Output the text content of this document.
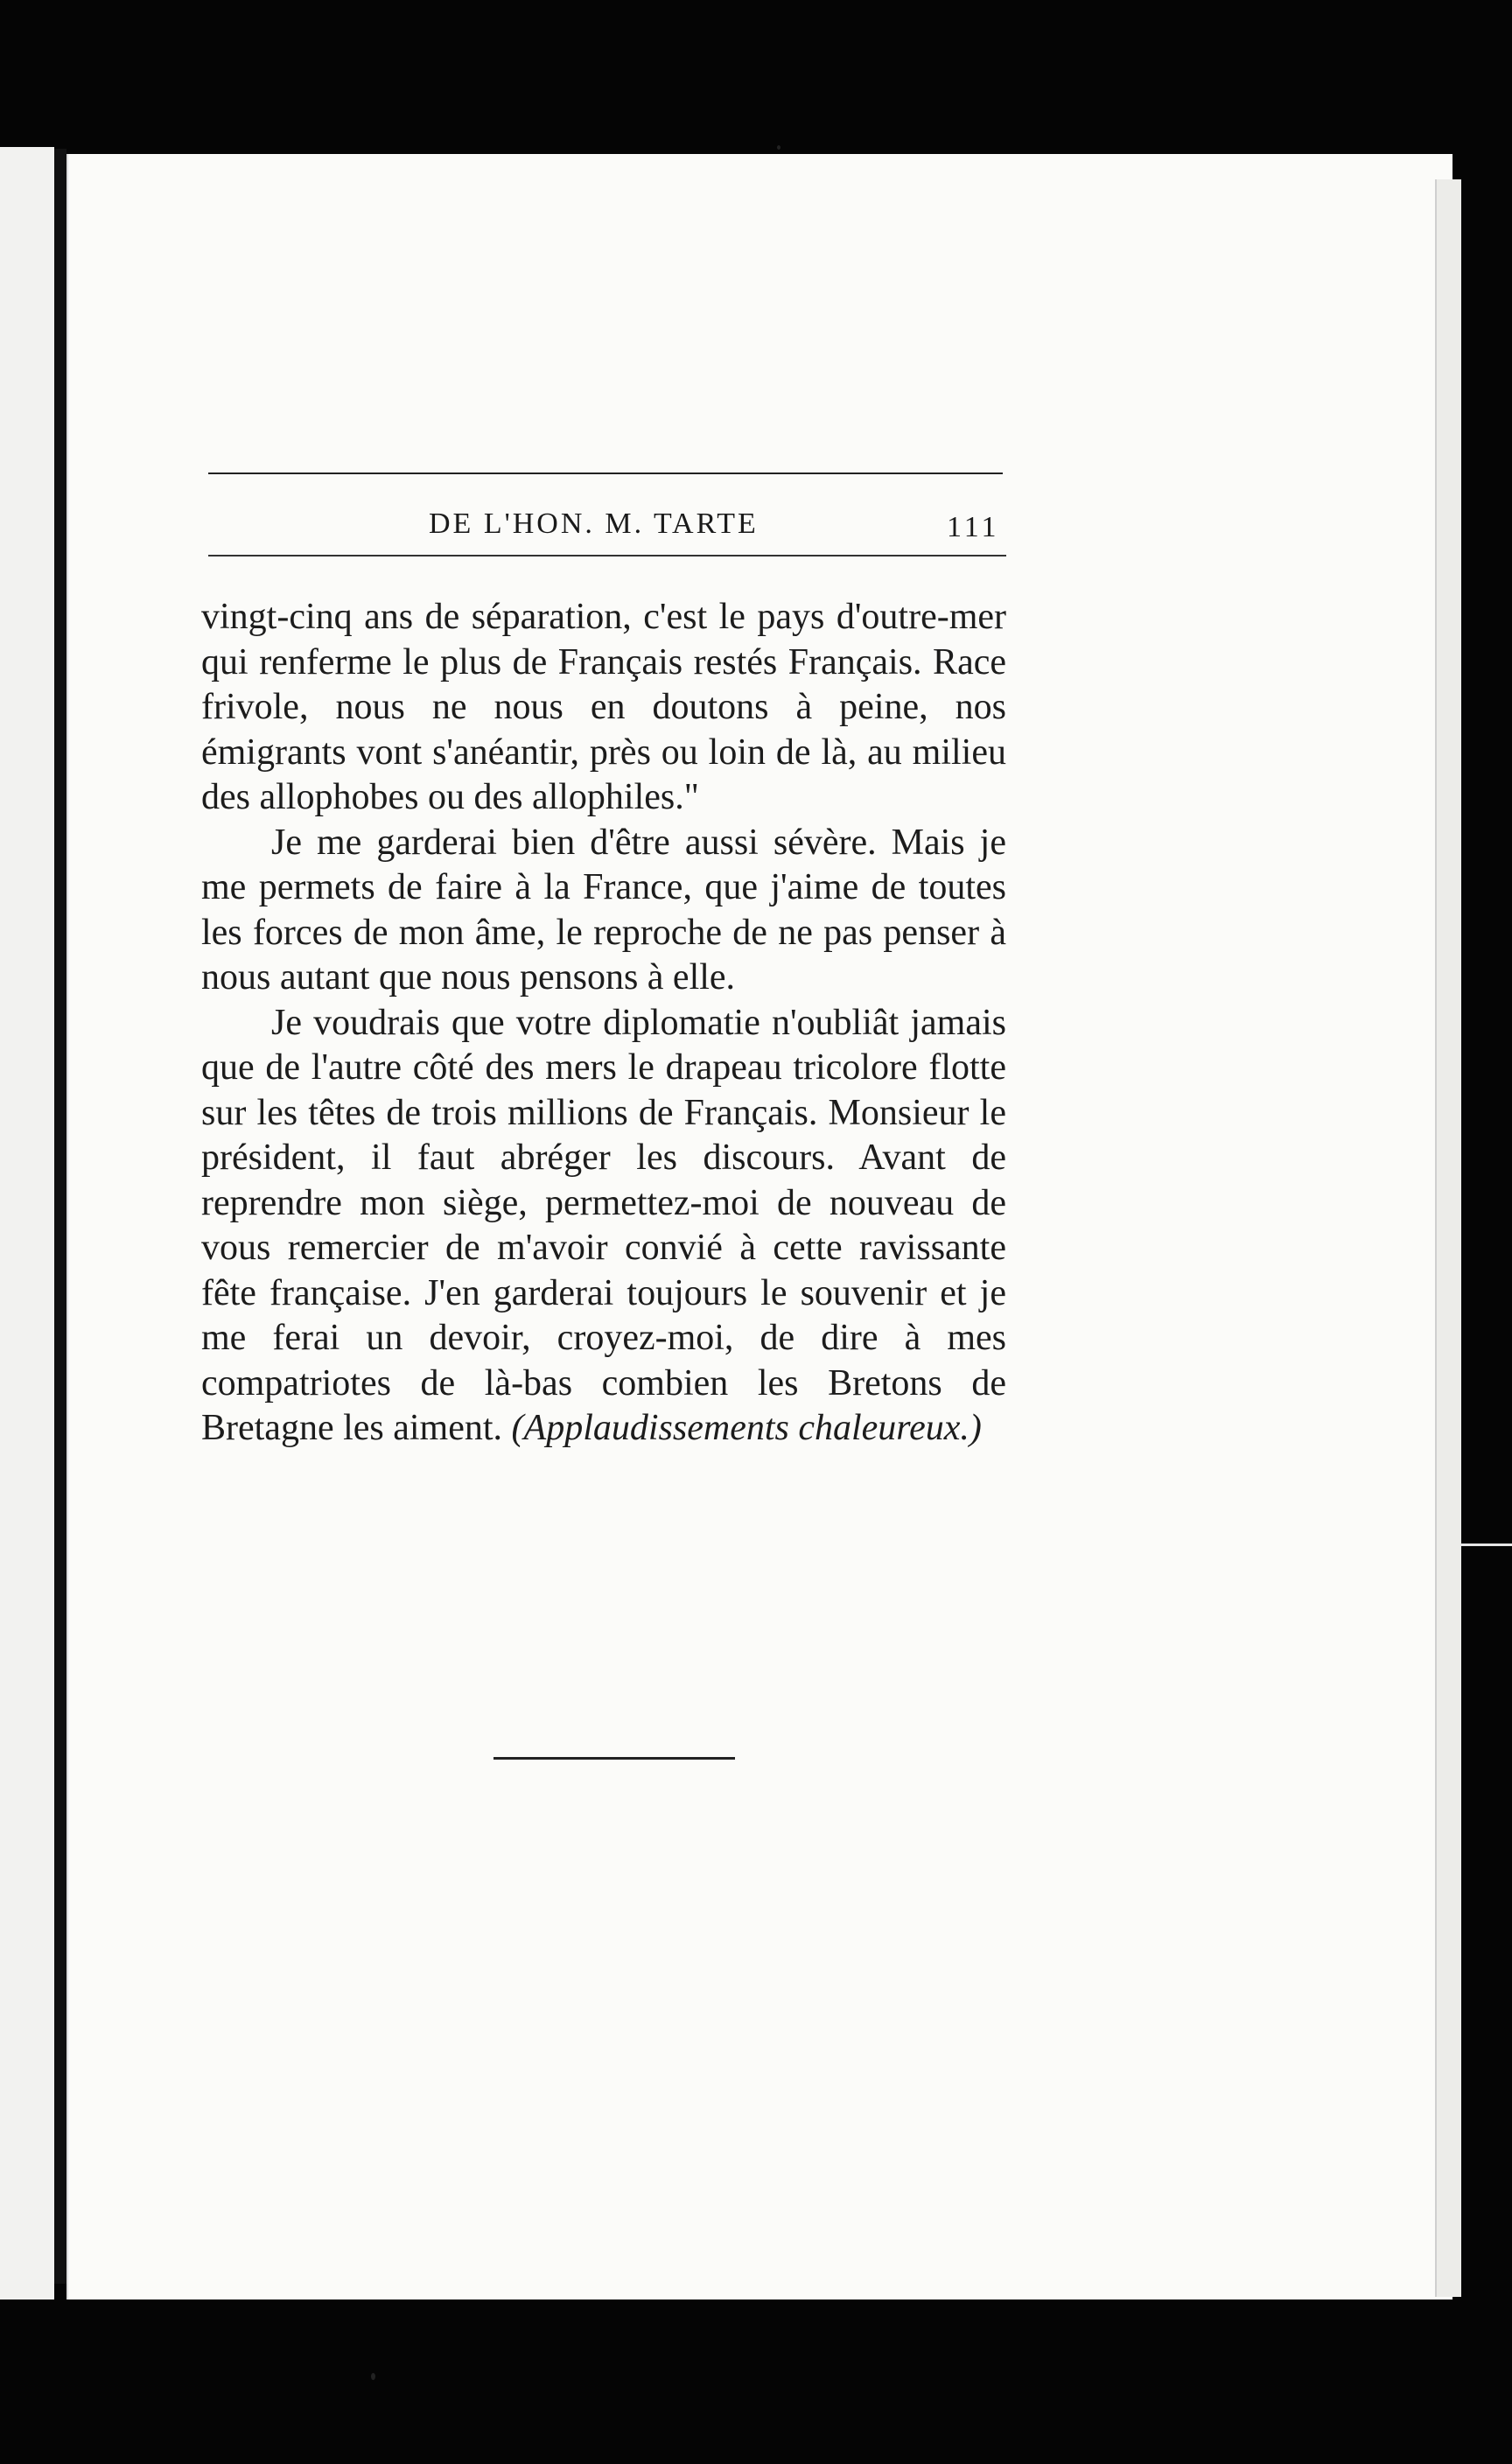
DE L'HON. M. TARTE	111

vingt-cinq ans de séparation, c'est le pays d'outre-mer qui renferme le plus de Français restés Français. Race frivole, nous ne nous en doutons à peine, nos émigrants vont s'anéantir, près ou loin de là, au milieu des allophobes ou des allophiles."

Je me garderai bien d'être aussi sévère. Mais je me permets de faire à la France, que j'aime de toutes les forces de mon âme, le reproche de ne pas penser à nous autant que nous pensons à elle.

Je voudrais que votre diplomatie n'oubliât jamais que de l'autre côté des mers le drapeau tricolore flotte sur les têtes de trois millions de Français. Monsieur le président, il faut abréger les discours. Avant de reprendre mon siège, permettez-moi de nouveau de vous remercier de m'avoir convié à cette ravissante fête française. J'en garderai toujours le souvenir et je me ferai un devoir, croyez-moi, de dire à mes compatriotes de là-bas combien les Bretons de Bretagne les aiment. (Applaudissements chaleureux.)
